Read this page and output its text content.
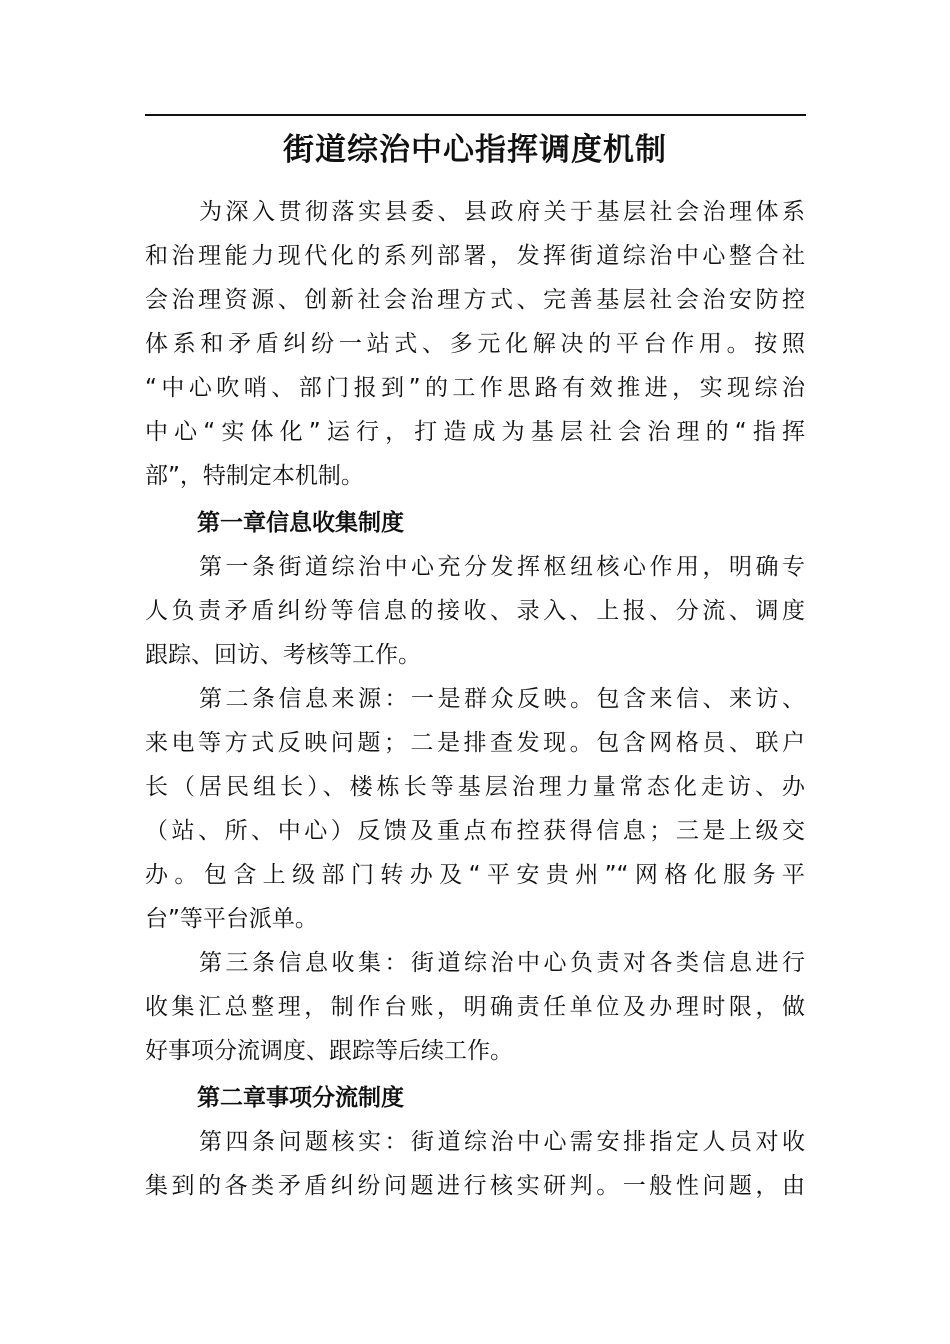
街道综治中心指挥调度机制
为深入贯彻落实县委、县政府关于基层社会治理体系
和治理能力现代化的系列部署，发挥街道综治中心整合社
会治理资源、创新社会治理方式、完善基层社会治安防控
体系和矛盾纠纷一站式、多元化解决的平台作用。按照
“中心吹哨、部门报到”的工作思路有效推进，实现综治
中心“实体化”运行，打造成为基层社会治理的“指挥
部”，特制定本机制。
第一章信息收集制度
第一条街道综治中心充分发挥枢纽核心作用，明确专
人负责矛盾纠纷等信息的接收、录入、上报、分流、调度
跟踪、回访、考核等工作。
第二条信息来源：一是群众反映。包含来信、来访、
来电等方式反映问题；二是排查发现。包含网格员、联户
长（居民组长）、楼栋长等基层治理力量常态化走访、办
（站、所、中心）反馈及重点布控获得信息；三是上级交
办。包含上级部门转办及“平安贵州”“网格化服务平
台”等平台派单。
第三条信息收集：街道综治中心负责对各类信息进行
收集汇总整理，制作台账，明确责任单位及办理时限，做
好事项分流调度、跟踪等后续工作。
第二章事项分流制度
第四条问题核实：街道综治中心需安排指定人员对收
集到的各类矛盾纠纷问题进行核实研判。一般性问题，由
